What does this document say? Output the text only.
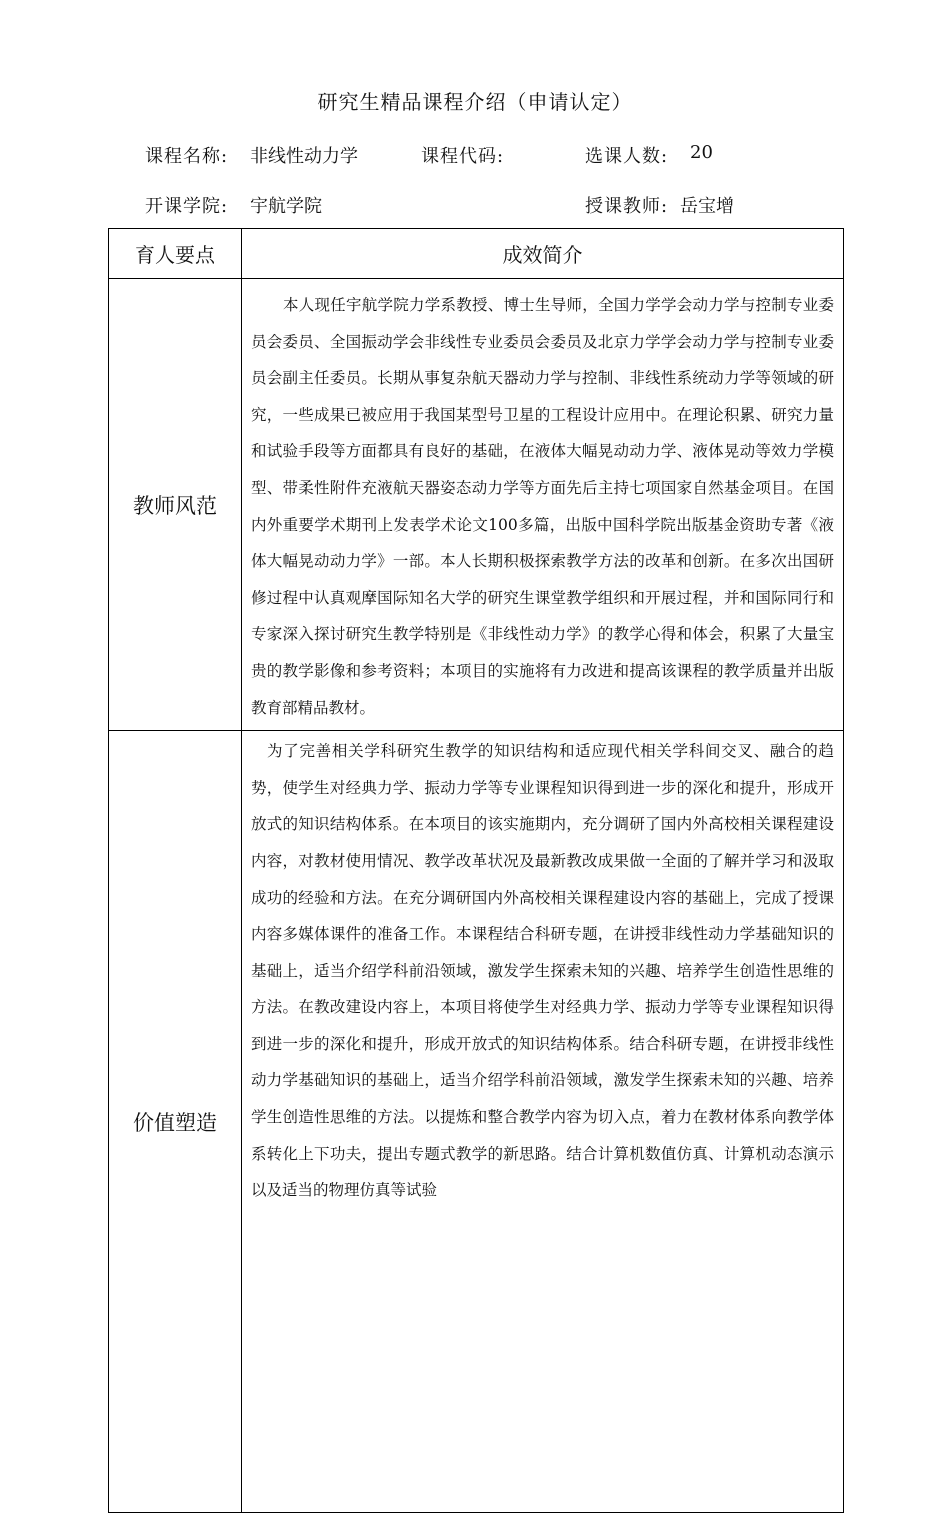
研究生精品课程介绍（申请认定）
课程名称: 非线性动力学	课程代码:	选课人数: 20
开课学院: 宇航学院	授课教师: 岳宝增
育人要点	成效简介
教师风范	本人现任宇航学院力学系教授、博士生导师，全国力学学会动力学与控制专业委员会委员、全国振动学会非线性专业委员会委员及北京力学学会动力学与控制专业委员会副主任委员。长期从事复杂航天器动力学与控制、非线性系统动力学等领域的研究，一些成果已被应用于我国某型号卫星的工程设计应用中。在理论积累、研究力量和试验手段等方面都具有良好的基础，在液体大幅晃动动力学、液体晃动等效力学模型、带柔性附件充液航天器姿态动力学等方面先后主持七项国家自然基金项目。在国内外重要学术期刊上发表学术论文100多篇，出版中国科学院出版基金资助专著《液体大幅晃动动力学》一部。本人长期积极探索教学方法的改革和创新。在多次出国研修过程中认真观摩国际知名大学的研究生课堂教学组织和开展过程，并和国际同行和专家深入探讨研究生教学特别是《非线性动力学》的教学心得和体会，积累了大量宝贵的教学影像和参考资料；本项目的实施将有力改进和提高该课程的教学质量并出版教育部精品教材。

价值塑造	为了完善相关学科研究生教学的知识结构和适应现代相关学科间交叉、融合的趋势，使学生对经典力学、振动力学等专业课程知识得到进一步的深化和提升，形成开放式的知识结构体系。在本项目的该实施期内，充分调研了国内外高校相关课程建设内容，对教材使用情况、教学改革状况及最新教改成果做一全面的了解并学习和汲取成功的经验和方法。在充分调研国内外高校相关课程建设内容的基础上，完成了授课内容多媒体课件的准备工作。本课程结合科研专题，在讲授非线性动力学基础知识的基础上，适当介绍学科前沿领域，激发学生探索未知的兴趣、培养学生创造性思维的方法。在教改建设内容上，本项目将使学生对经典力学、振动力学等专业课程知识得到进一步的深化和提升，形成开放式的知识结构体系。结合科研专题，在讲授非线性动力学基础知识的基础上，适当介绍学科前沿领域，激发学生探索未知的兴趣、培养学生创造性思维的方法。以提炼和整合教学内容为切入点，着力在教材体系向教学体系转化上下功夫，提出专题式教学的新思路。结合计算机数值仿真、计算机动态演示以及适当的物理仿真等试验
